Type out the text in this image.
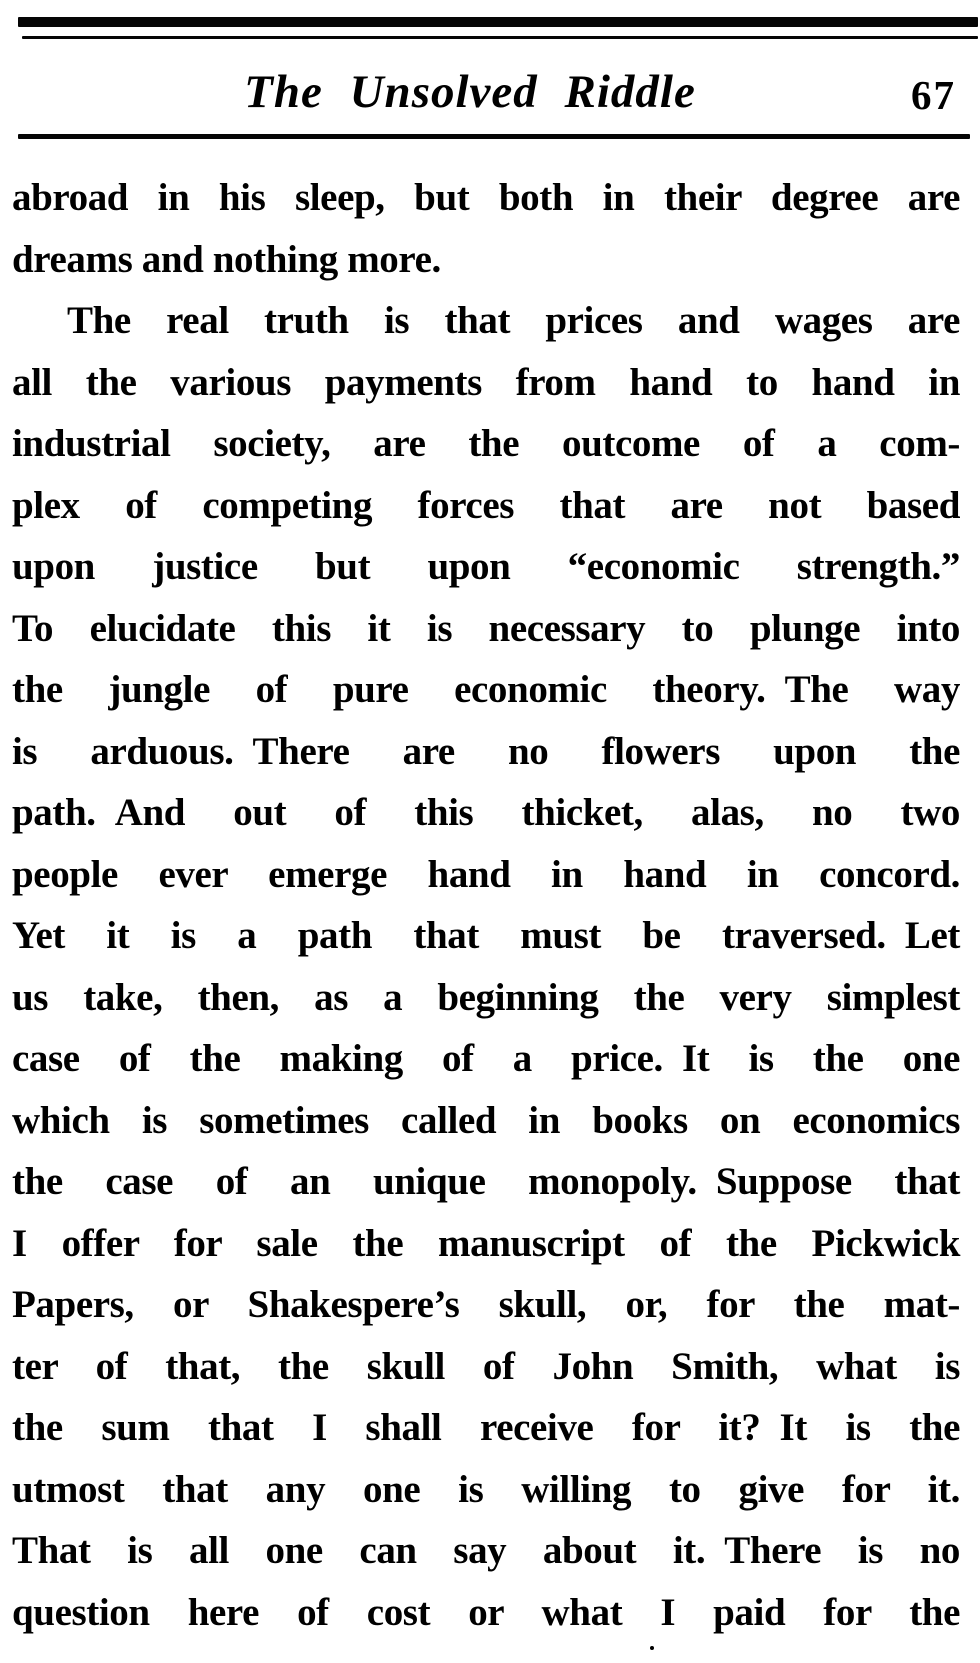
The Unsolved Riddle	67
abroad in his sleep, but both in their degree are
dreams and nothing more.
The real truth is that prices and wages are
all the various payments from hand to hand in
industrial society, are the outcome of a com-
plex of competing forces that are not based
upon justice but upon “economic strength.”
To elucidate this it is necessary to plunge into
the jungle of pure economic theory. The way
is arduous. There are no flowers upon the
path. And out of this thicket, alas, no two
people ever emerge hand in hand in concord.
Yet it is a path that must be traversed. Let
us take, then, as a beginning the very simplest
case of the making of a price. It is the one
which is sometimes called in books on economics
the case of an unique monopoly. Suppose that
I offer for sale the manuscript of the Pickwick
Papers, or Shakespere’s skull, or, for the mat-
ter of that, the skull of John Smith, what is
the sum that I shall receive for it? It is the
utmost that any one is willing to give for it.
That is all one can say about it. There is no
question here of cost or what I paid for the
